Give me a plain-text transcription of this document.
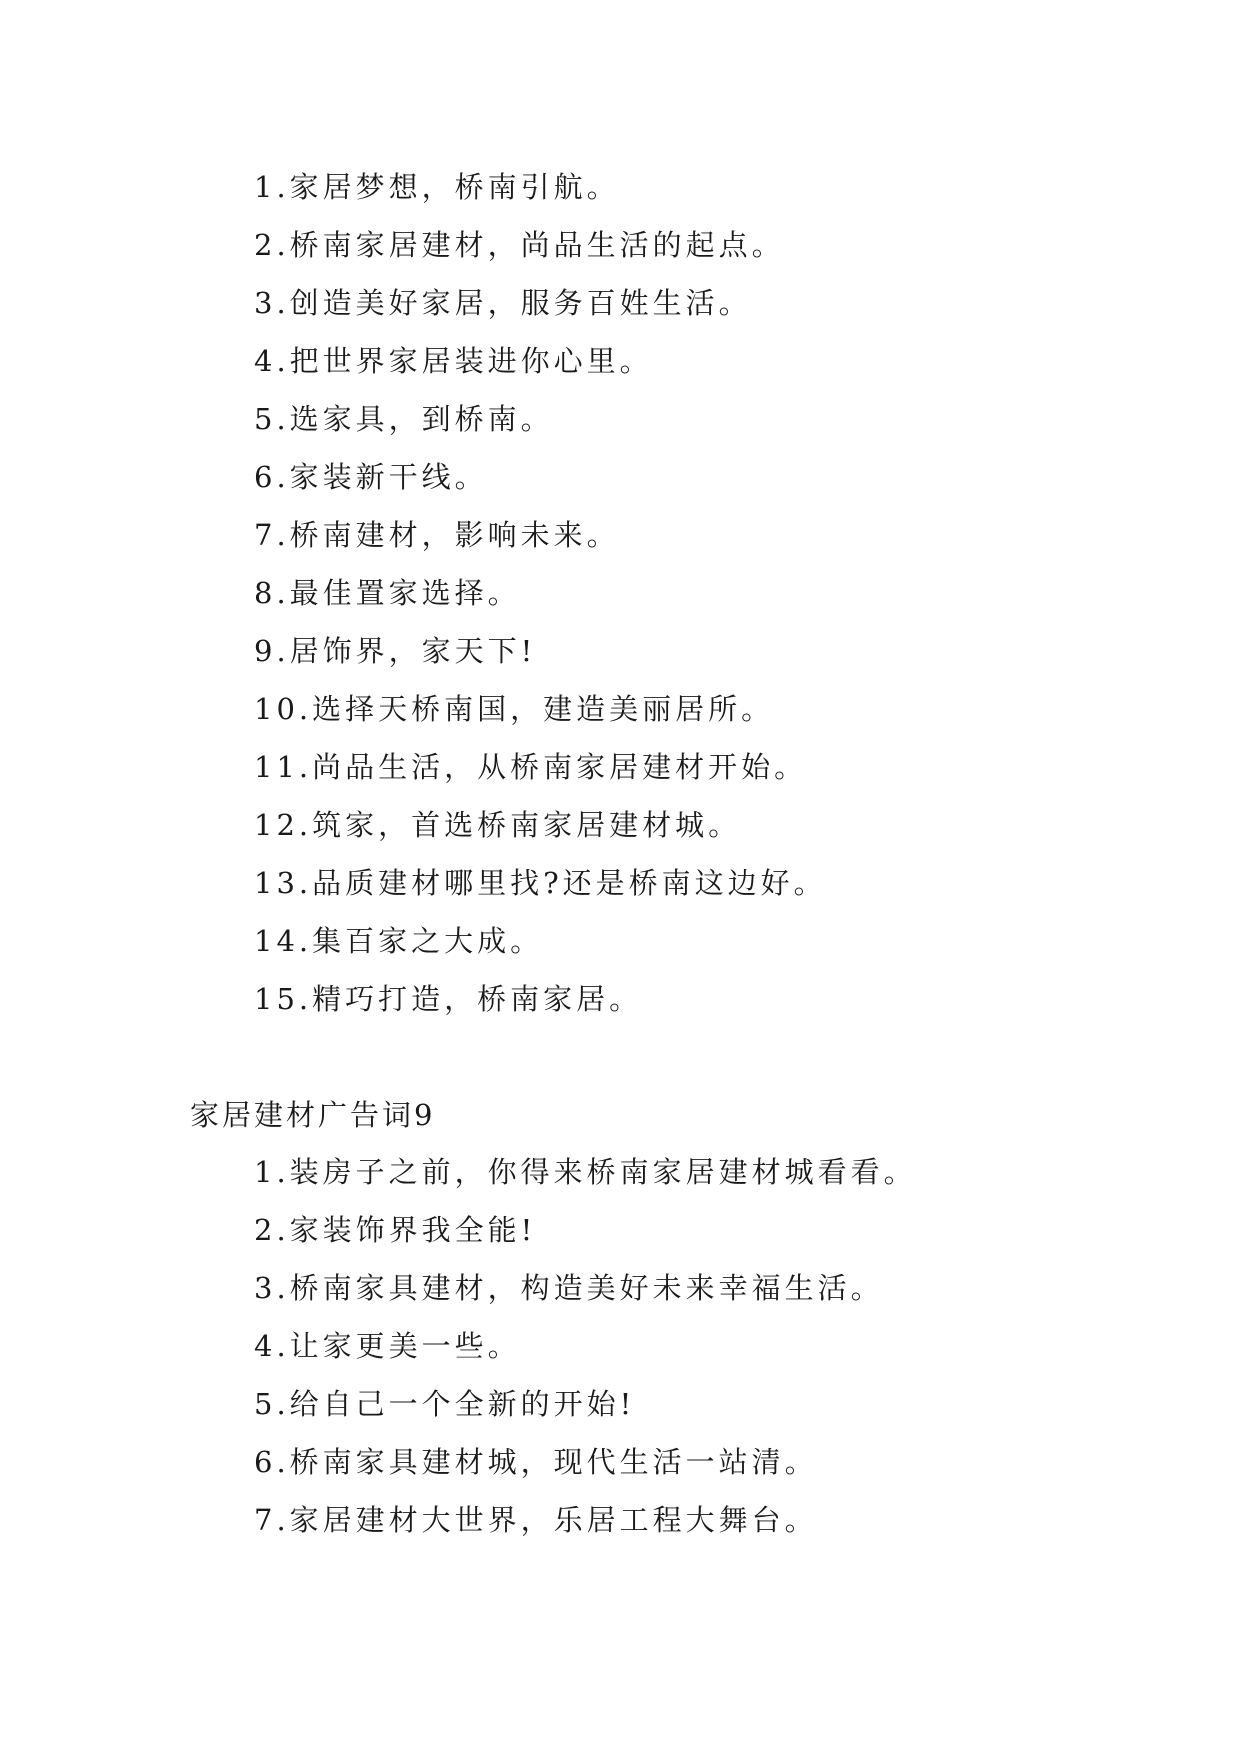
1.家居梦想，桥南引航。
2.桥南家居建材，尚品生活的起点。
3.创造美好家居，服务百姓生活。
4.把世界家居装进你心里。
5.选家具，到桥南。
6.家装新干线。
7.桥南建材，影响未来。
8.最佳置家选择。
9.居饰界，家天下!
10.选择天桥南国，建造美丽居所。
11.尚品生活，从桥南家居建材开始。
12.筑家，首选桥南家居建材城。
13.品质建材哪里找?还是桥南这边好。
14.集百家之大成。
15.精巧打造，桥南家居。
家居建材广告词9
1.装房子之前，你得来桥南家居建材城看看。
2.家装饰界我全能!
3.桥南家具建材，构造美好未来幸福生活。
4.让家更美一些。
5.给自己一个全新的开始!
6.桥南家具建材城，现代生活一站清。
7.家居建材大世界，乐居工程大舞台。
